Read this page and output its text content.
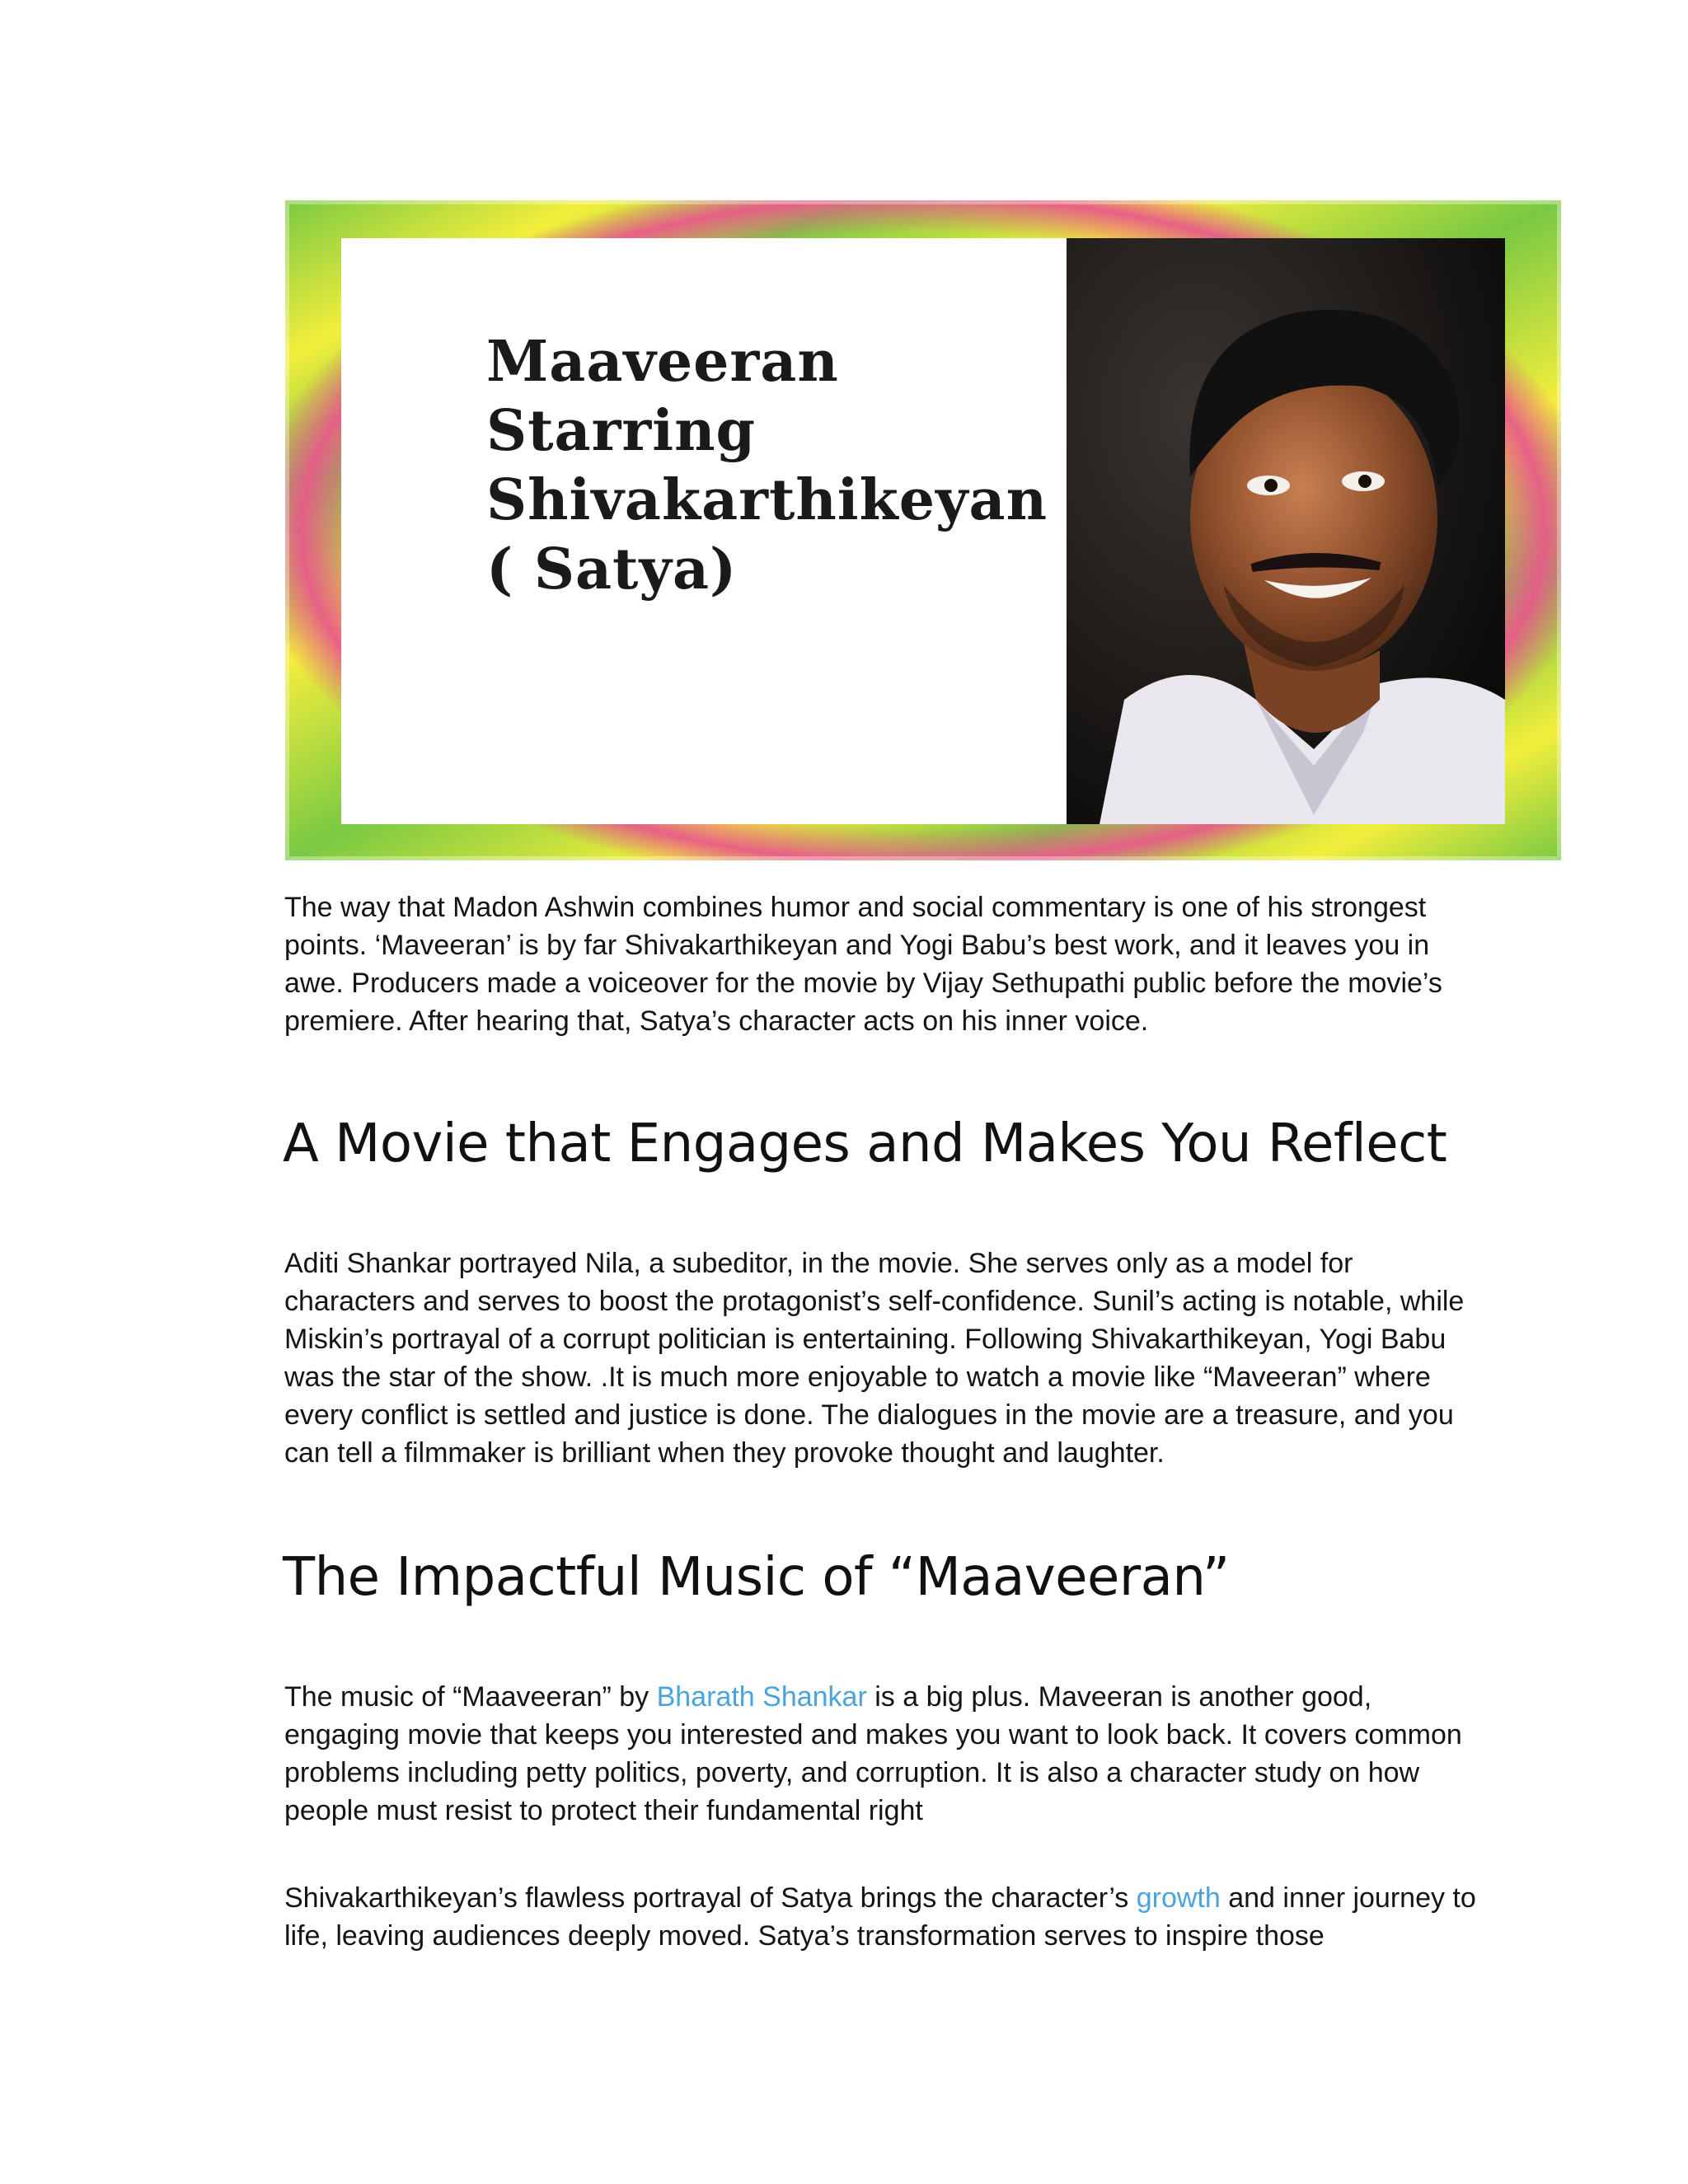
Maaveeran
Starring
Shivakarthikeyan
( Satya)

The way that Madon Ashwin combines humor and social commentary is one of his strongest points. ‘Maveeran’ is by far Shivakarthikeyan and Yogi Babu’s best work, and it leaves you in awe. Producers made a voiceover for the movie by Vijay Sethupathi public before the movie’s premiere. After hearing that, Satya’s character acts on his inner voice.

A Movie that Engages and Makes You Reflect

Aditi Shankar portrayed Nila, a subeditor, in the movie. She serves only as a model for characters and serves to boost the protagonist’s self-confidence. Sunil’s acting is notable, while Miskin’s portrayal of a corrupt politician is entertaining. Following Shivakarthikeyan, Yogi Babu was the star of the show. .It is much more enjoyable to watch a movie like “Maveeran” where every conflict is settled and justice is done. The dialogues in the movie are a treasure, and you can tell a filmmaker is brilliant when they provoke thought and laughter.

The Impactful Music of “Maaveeran”

The music of “Maaveeran” by Bharath Shankar is a big plus. Maveeran is another good, engaging movie that keeps you interested and makes you want to look back. It covers common problems including petty politics, poverty, and corruption. It is also a character study on how people must resist to protect their fundamental right

Shivakarthikeyan’s flawless portrayal of Satya brings the character’s growth and inner journey to life, leaving audiences deeply moved. Satya’s transformation serves to inspire those
